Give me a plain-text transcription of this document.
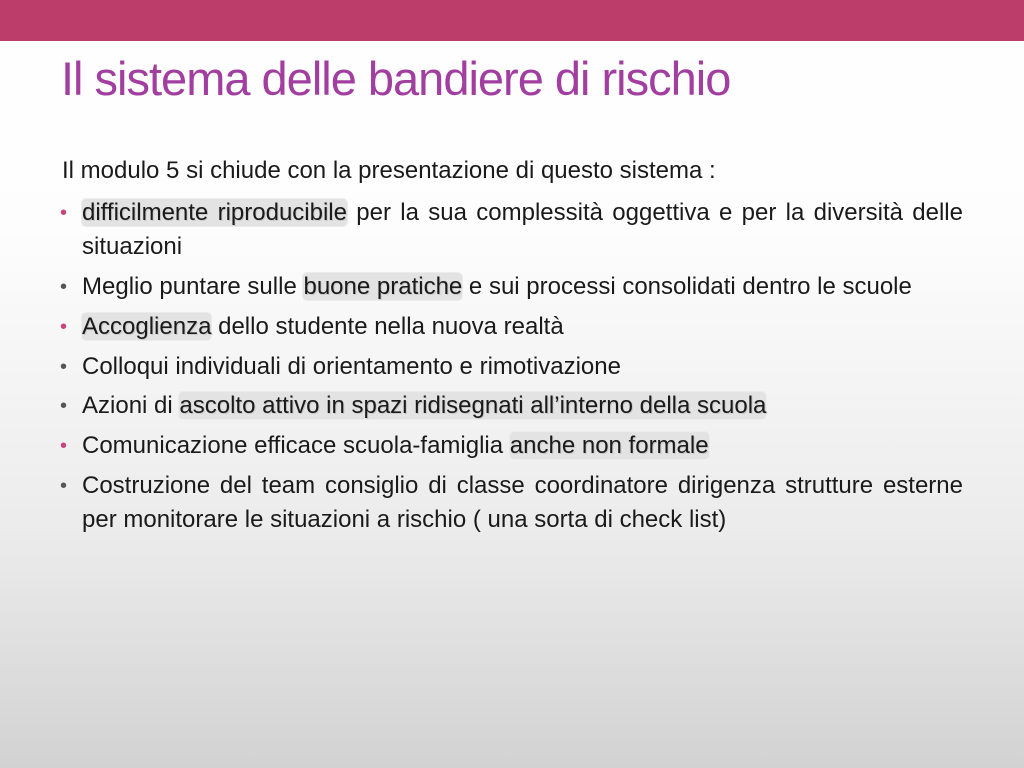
Il sistema delle bandiere di rischio
Il modulo 5 si chiude con la presentazione di questo sistema :
• difficilmente riproducibile per la sua complessità oggettiva e per la diversità delle situazioni
• Meglio puntare sulle buone pratiche e sui processi consolidati dentro le scuole
• Accoglienza dello studente nella nuova realtà
• Colloqui individuali di orientamento e rimotivazione
• Azioni di ascolto attivo in spazi ridisegnati all’interno della scuola
• Comunicazione efficace scuola-famiglia anche non formale
• Costruzione del team consiglio di classe coordinatore dirigenza strutture esterne per monitorare le situazioni a rischio ( una sorta di check list)
